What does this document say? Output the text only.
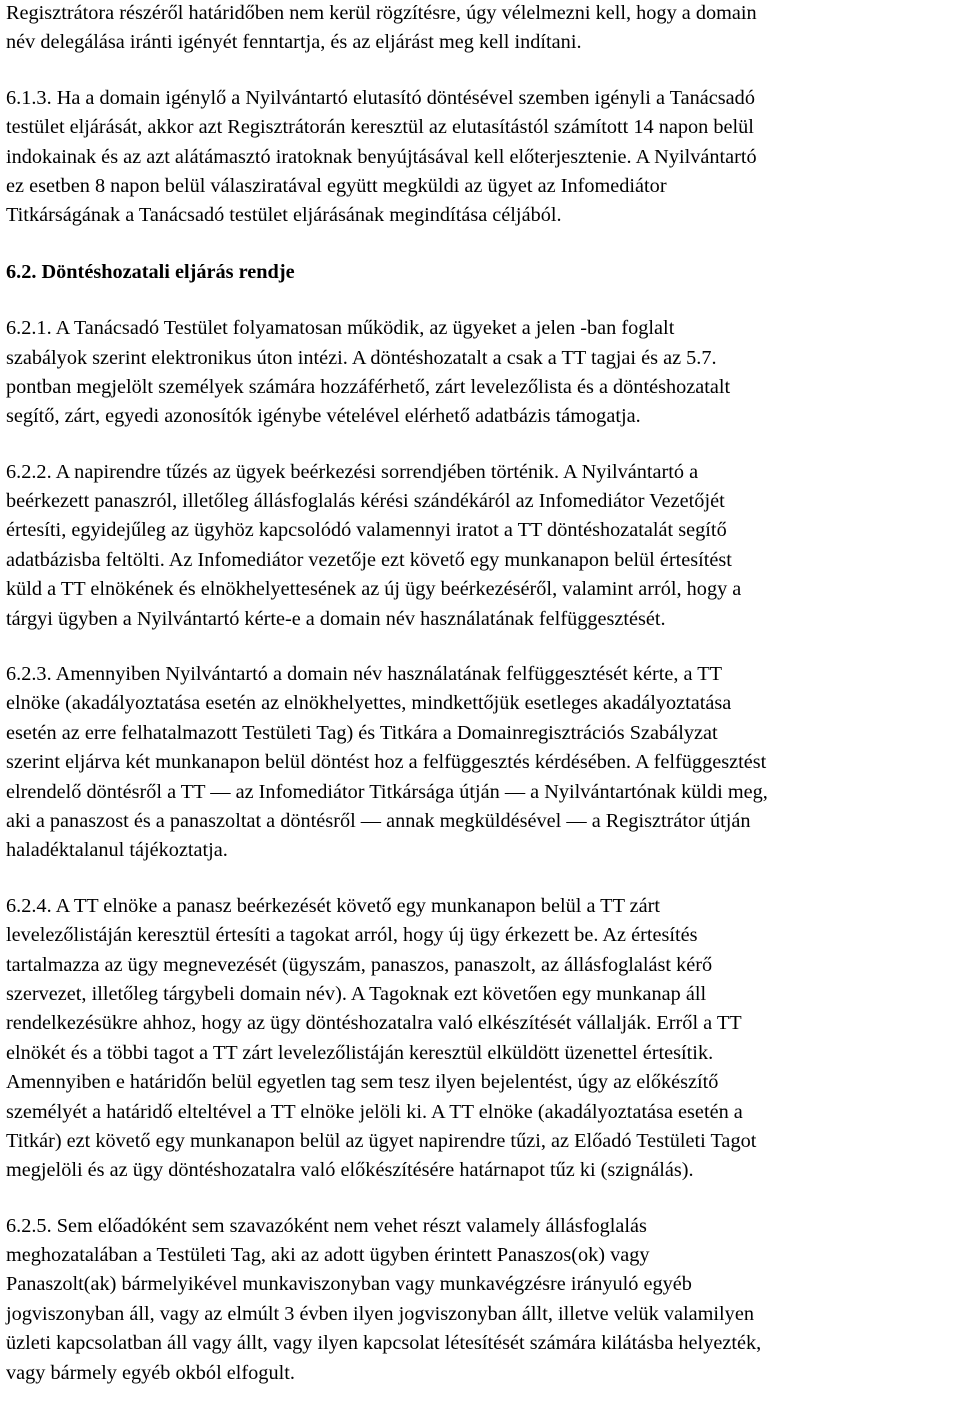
Regisztrátora részéről határidőben nem kerül rögzítésre, úgy vélelmezni kell, hogy a domain
név delegálása iránti igényét fenntartja, és az eljárást meg kell indítani.
6.1.3. Ha a domain igénylő a Nyilvántartó elutasító döntésével szemben igényli a Tanácsadó
testület eljárását, akkor azt Regisztrátorán keresztül az elutasítástól számított 14 napon belül
indokainak és az azt alátámasztó iratoknak benyújtásával kell előterjesztenie. A Nyilvántartó
ez esetben 8 napon belül válasziratával együtt megküldi az ügyet az Infomediátor
Titkárságának a Tanácsadó testület eljárásának megindítása céljából.
6.2. Döntéshozatali eljárás rendje
6.2.1. A Tanácsadó Testület folyamatosan működik, az ügyeket a jelen -ban foglalt
szabályok szerint elektronikus úton intézi. A döntéshozatalt a csak a TT tagjai és az 5.7.
pontban megjelölt személyek számára hozzáférhető, zárt levelezőlista és a döntéshozatalt
segítő, zárt, egyedi azonosítók igénybe vételével elérhető adatbázis támogatja.
6.2.2. A napirendre tűzés az ügyek beérkezési sorrendjében történik. A Nyilvántartó a
beérkezett panaszról, illetőleg állásfoglalás kérési szándékáról az Infomediátor Vezetőjét
értesíti, egyidejűleg az ügyhöz kapcsolódó valamennyi iratot a TT döntéshozatalát segítő
adatbázisba feltölti. Az Infomediátor vezetője ezt követő egy munkanapon belül értesítést
küld a TT elnökének és elnökhelyettesének az új ügy beérkezéséről, valamint arról, hogy a
tárgyi ügyben a Nyilvántartó kérte-e a domain név használatának felfüggesztését.
6.2.3. Amennyiben Nyilvántartó a domain név használatának felfüggesztését kérte, a TT
elnöke (akadályoztatása esetén az elnökhelyettes, mindkettőjük esetleges akadályoztatása
esetén az erre felhatalmazott Testületi Tag) és Titkára a Domainregisztrációs Szabályzat
szerint eljárva két munkanapon belül döntést hoz a felfüggesztés kérdésében. A felfüggesztést
elrendelő döntésről a TT — az Infomediátor Titkársága útján — a Nyilvántartónak küldi meg,
aki a panaszost és a panaszoltat a döntésről — annak megküldésével — a Regisztrátor útján
haladéktalanul tájékoztatja.
6.2.4. A TT elnöke a panasz beérkezését követő egy munkanapon belül a TT zárt
levelezőlistáján keresztül értesíti a tagokat arról, hogy új ügy érkezett be. Az értesítés
tartalmazza az ügy megnevezését (ügyszám, panaszos, panaszolt, az állásfoglalást kérő
szervezet, illetőleg tárgybeli domain név). A Tagoknak ezt követően egy munkanap áll
rendelkezésükre ahhoz, hogy az ügy döntéshozatalra való elkészítését vállalják. Erről a TT
elnökét és a többi tagot a TT zárt levelezőlistáján keresztül elküldött üzenettel értesítik.
Amennyiben e határidőn belül egyetlen tag sem tesz ilyen bejelentést, úgy az előkészítő
személyét a határidő elteltével a TT elnöke jelöli ki. A TT elnöke (akadályoztatása esetén a
Titkár) ezt követő egy munkanapon belül az ügyet napirendre tűzi, az Előadó Testületi Tagot
megjelöli és az ügy döntéshozatalra való előkészítésére határnapot tűz ki (szignálás).
6.2.5. Sem előadóként sem szavazóként nem vehet részt valamely állásfoglalás
meghozatalában a Testületi Tag, aki az adott ügyben érintett Panaszos(ok) vagy
Panaszolt(ak) bármelyikével munkaviszonyban vagy munkavégzésre irányuló egyéb
jogviszonyban áll, vagy az elmúlt 3 évben ilyen jogviszonyban állt, illetve velük valamilyen
üzleti kapcsolatban áll vagy állt, vagy ilyen kapcsolat létesítését számára kilátásba helyezték,
vagy bármely egyéb okból elfogult.
